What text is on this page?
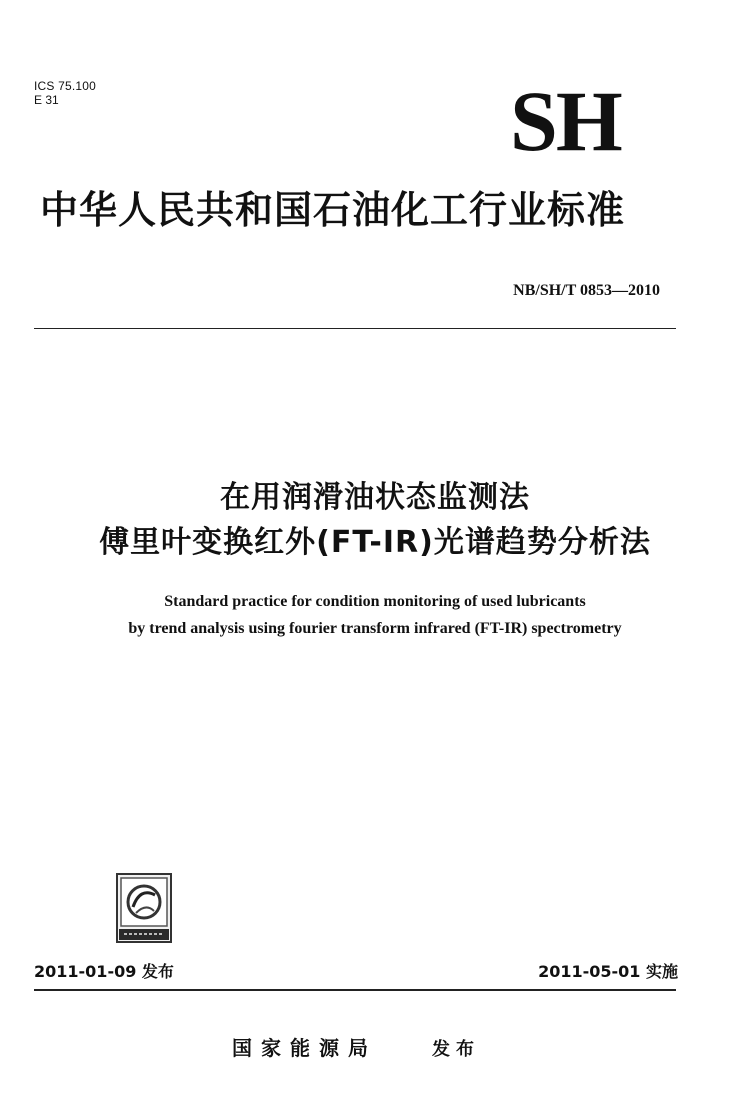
ICS 75.100
E 31	SH
中华人民共和国石油化工行业标准
NB/SH/T 0853—2010
在用润滑油状态监测法
傅里叶变换红外(FT-IR)光谱趋势分析法
Standard practice for condition monitoring of used lubricants
by trend analysis using fourier transform infrared (FT-IR) spectrometry
2011-01-09 发布	2011-05-01 实施
国家能源局	发布
